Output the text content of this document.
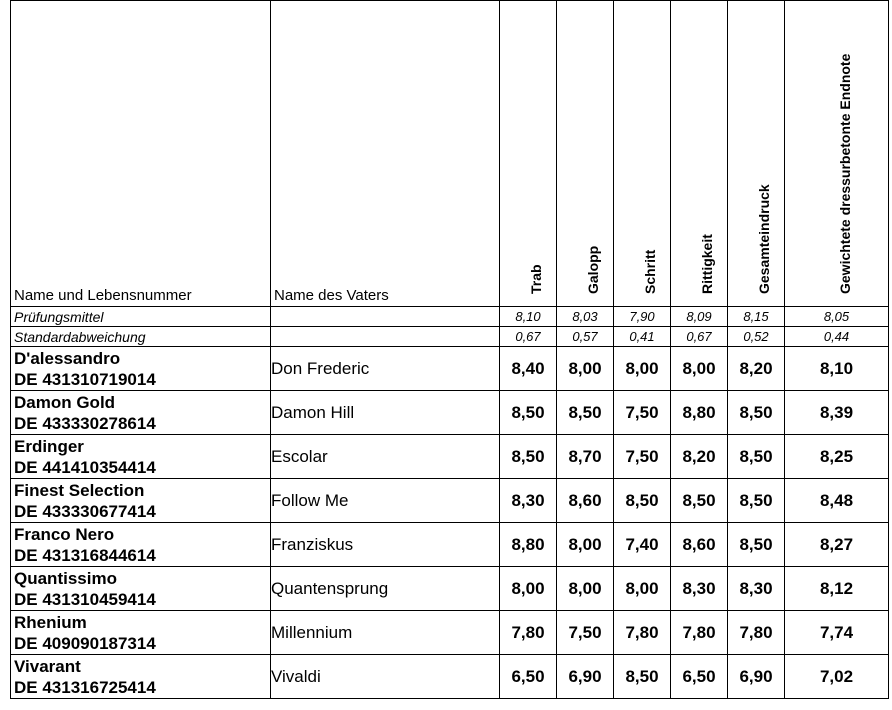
Name und Lebensnummer	Name des Vaters	Trab	Galopp	Schritt	Rittigkeit	Gesamteindruck	Gewichtete dressurbetonte Endnote

Prüfungsmittel		8,10	8,03	7,90	8,09	8,15	8,05
Standardabweichung		0,67	0,57	0,41	0,67	0,52	0,44

D'alessandro
DE 431310719014	Don Frederic	8,40	8,00	8,00	8,00	8,20	8,10

Damon Gold
DE 433330278614	Damon Hill	8,50	8,50	7,50	8,80	8,50	8,39

Erdinger
DE 441410354414	Escolar	8,50	8,70	7,50	8,20	8,50	8,25

Finest Selection
DE 433330677414	Follow Me	8,30	8,60	8,50	8,50	8,50	8,48

Franco Nero
DE 431316844614	Franziskus	8,80	8,00	7,40	8,60	8,50	8,27

Quantissimo
DE 431310459414	Quantensprung	8,00	8,00	8,00	8,30	8,30	8,12

Rhenium
DE 409090187314	Millennium	7,80	7,50	7,80	7,80	7,80	7,74

Vivarant
DE 431316725414	Vivaldi	6,50	6,90	8,50	6,50	6,90	7,02
